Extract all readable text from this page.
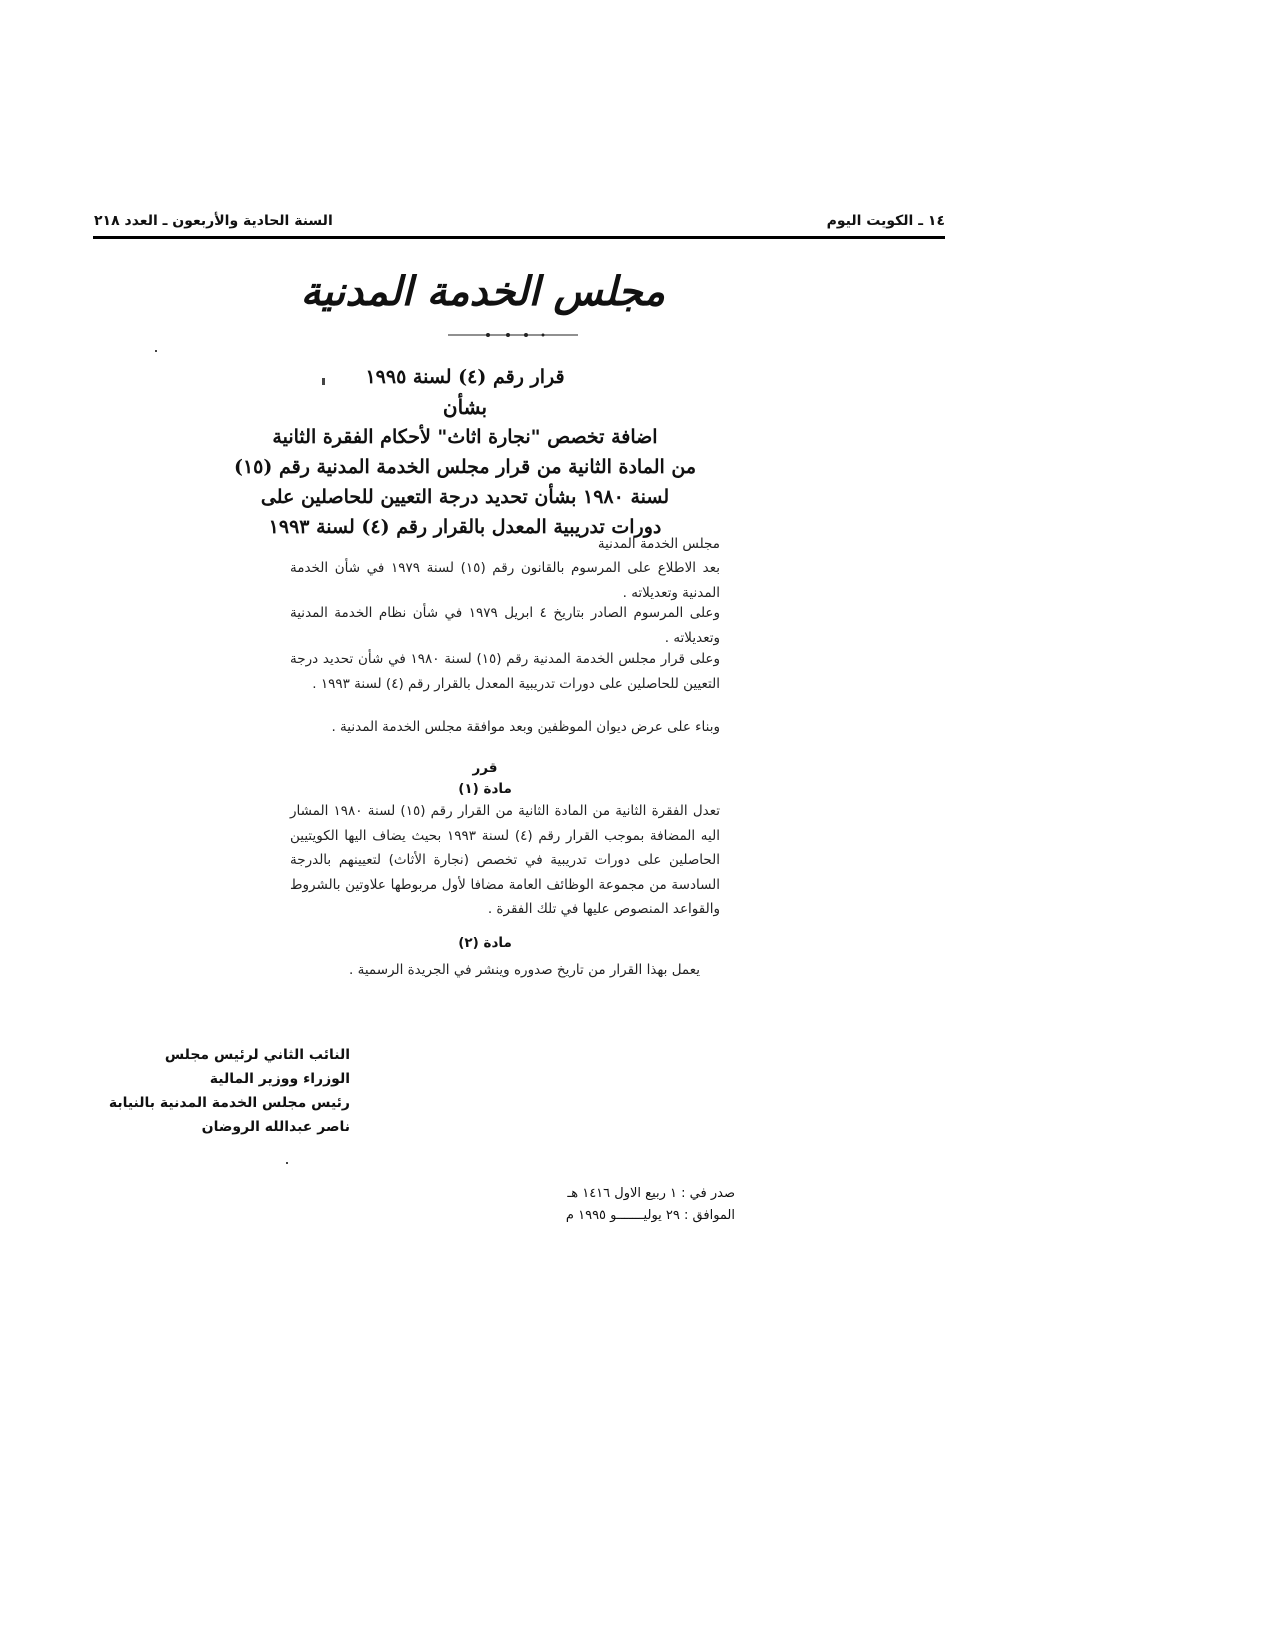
١٤ ـ الكويت اليوم
السنة الحادية والأربعون ـ العدد ٢١٨
مجلس الخدمة المدنية
قرار رقم (٤) لسنة ١٩٩٥
بشأن
اضافة تخصص "نجارة اثاث" لأحكام الفقرة الثانية
من المادة الثانية من قرار مجلس الخدمة المدنية رقم (١٥)
لسنة ١٩٨٠ بشأن تحديد درجة التعيين للحاصلين على
دورات تدريبية المعدل بالقرار رقم (٤) لسنة ١٩٩٣
مجلس الخدمة المدنية
بعد الاطلاع على المرسوم بالقانون رقم (١٥) لسنة ١٩٧٩ في شأن الخدمة المدنية وتعديلاته .
وعلى المرسوم الصادر بتاريخ ٤ ابريل ١٩٧٩ في شأن نظام الخدمة المدنية وتعديلاته .
وعلى قرار مجلس الخدمة المدنية رقم (١٥) لسنة ١٩٨٠ في شأن تحديد درجة التعيين للحاصلين على دورات تدريبية المعدل بالقرار رقم (٤) لسنة ١٩٩٣ .
وبناء على عرض ديوان الموظفين وبعد موافقة مجلس الخدمة المدنية .
قرر
مادة (١)
تعدل الفقرة الثانية من المادة الثانية من القرار رقم (١٥) لسنة ١٩٨٠ المشار اليه المضافة بموجب القرار رقم (٤) لسنة ١٩٩٣ بحيث يضاف اليها الكويتيين الحاصلين على دورات تدريبية في تخصص (نجارة الأثاث) لتعيينهم بالدرجة السادسة من مجموعة الوظائف العامة مضافا لأول مربوطها علاوتين بالشروط والقواعد المنصوص عليها في تلك الفقرة .
مادة (٢)
يعمل بهذا القرار من تاريخ صدوره وينشر في الجريدة الرسمية .
النائب الثاني لرئيس مجلس
الوزراء ووزير المالية
رئيس مجلس الخدمة المدنية بالنيابة
ناصر عبدالله الروضان
صدر في : ١ ربيع الاول ١٤١٦ هـ
الموافق : ٢٩ يوليـــــــو ١٩٩٥ م
